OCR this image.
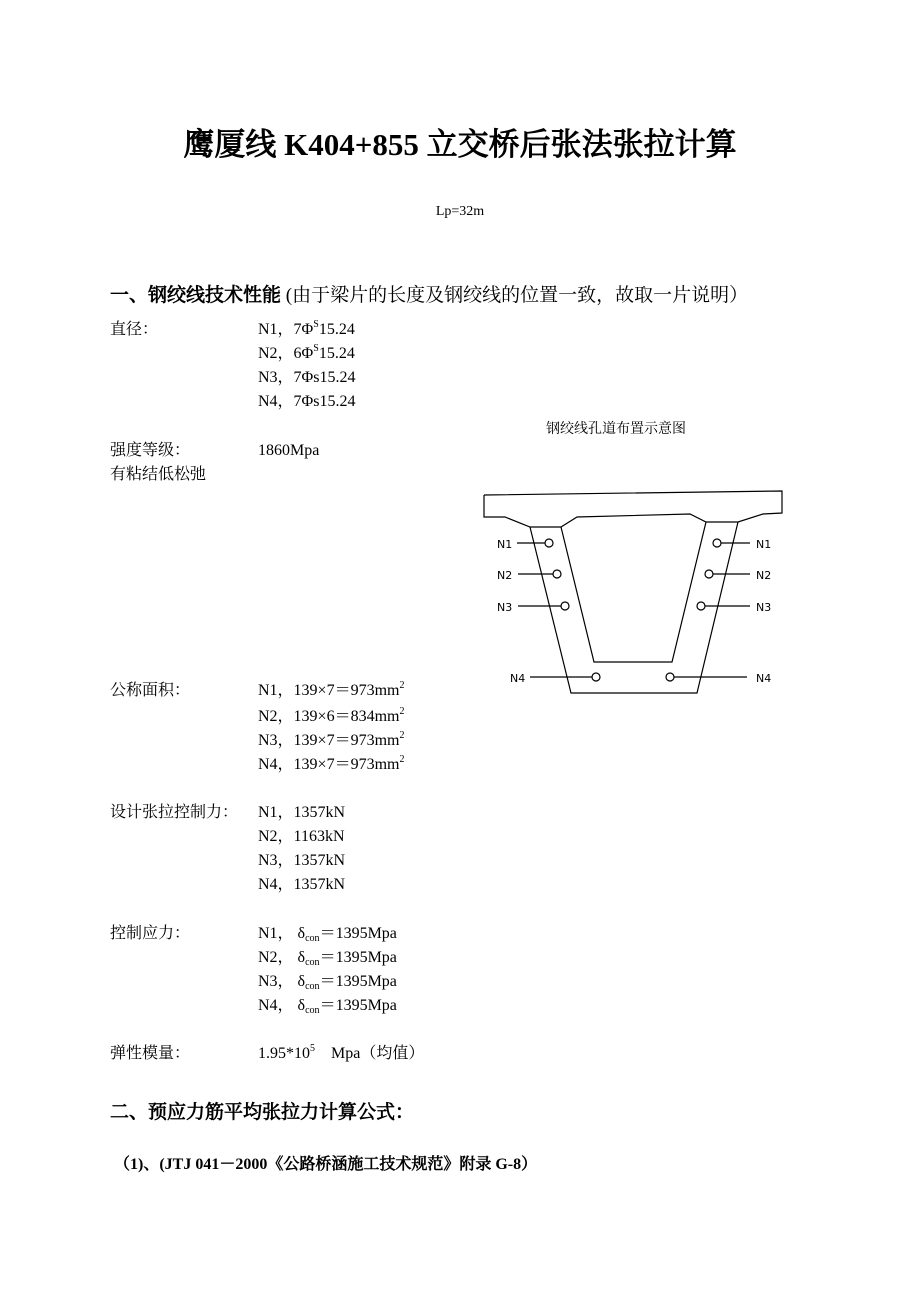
鹰厦线 K404+855 立交桥后张法张拉计算
Lp=32m
一、钢绞线技术性能 (由于梁片的长度及钢绞线的位置一致，故取一片说明）
直径：	N1，$7\Phi^S15.24$
N2，$6\Phi^S15.24$
N3，7Φs15.24
N4，7Φs15.24
钢绞线孔道布置示意图
强度等级：	1860Mpa
有粘结低松弛
N1
N2
N3
N4
N1
N2
N3
N4
公称面积：	N1，$139\times 7=973mm^2$
N2，$139\times 6=834mm^2$
N3，$139\times 7=973mm^2$
N4，$139\times 7=973mm^2$
设计张拉控制力： N1，1357kN
N2，1163kN
N3，1357kN
N4，1357kN
控制应力：	N1， $\delta_{con}=1395Mpa$
N2， $\delta_{con}=1395Mpa$
N3， $\delta_{con}=1395Mpa$
N4， $\delta_{con}=1395Mpa$
弹性模量：	$1.95*10^5$ Mpa（均值）
二、预应力筋平均张拉力计算公式：
（1)、(JTJ 041－2000《公路桥涵施工技术规范》附录 G-8）
